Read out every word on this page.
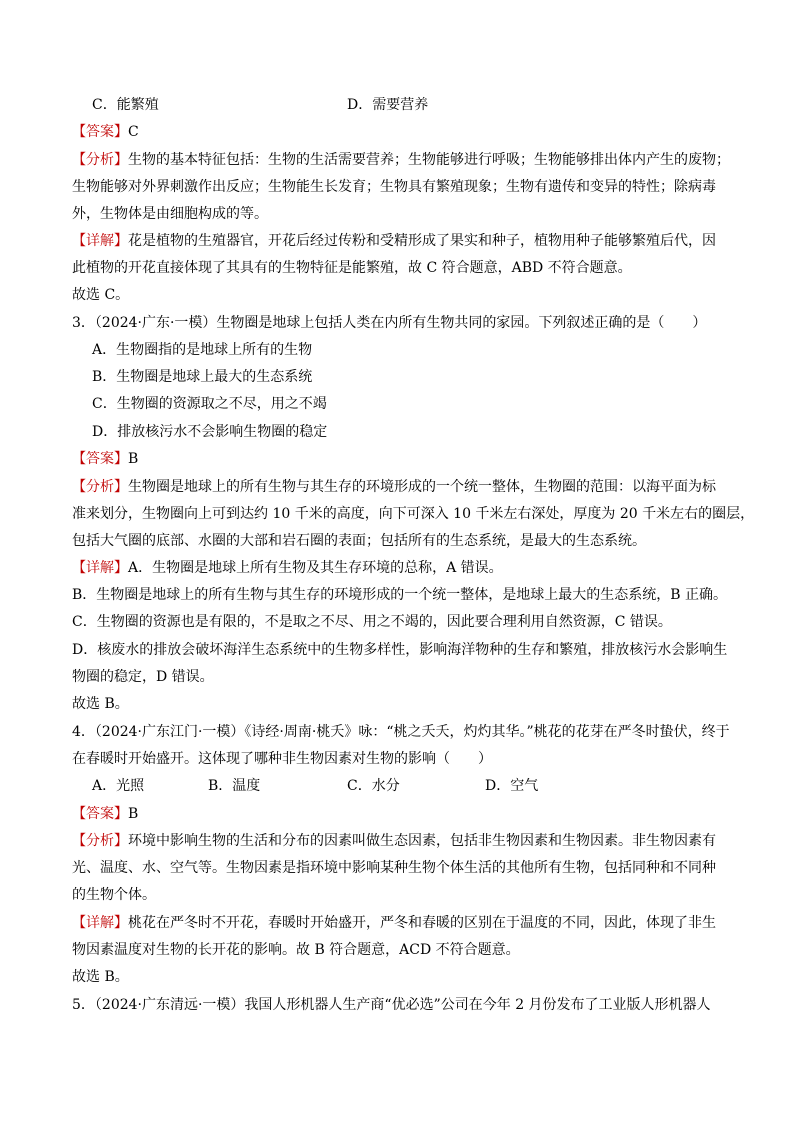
C．能繁殖	D．需要营养
【答案】C
【分析】生物的基本特征包括：生物的生活需要营养；生物能够进行呼吸；生物能够排出体内产生的废物；
生物能够对外界刺激作出反应；生物能生长发育；生物具有繁殖现象；生物有遗传和变异的特性；除病毒
外，生物体是由细胞构成的等。
【详解】花是植物的生殖器官，开花后经过传粉和受精形成了果实和种子，植物用种子能够繁殖后代，因
此植物的开花直接体现了其具有的生物特征是能繁殖，故 C 符合题意，ABD 不符合题意。
故选 C。
3．（2024·广东·一模）生物圈是地球上包括人类在内所有生物共同的家园。下列叙述正确的是（　　）
A．生物圈指的是地球上所有的生物
B．生物圈是地球上最大的生态系统
C．生物圈的资源取之不尽，用之不竭
D．排放核污水不会影响生物圈的稳定
【答案】B
【分析】生物圈是地球上的所有生物与其生存的环境形成的一个统一整体，生物圈的范围：以海平面为标
准来划分，生物圈向上可到达约 10 千米的高度，向下可深入 10 千米左右深处，厚度为 20 千米左右的圈层，
包括大气圈的底部、水圈的大部和岩石圈的表面；包括所有的生态系统，是最大的生态系统。
【详解】A．生物圈是地球上所有生物及其生存环境的总称，A 错误。
B．生物圈是地球上的所有生物与其生存的环境形成的一个统一整体，是地球上最大的生态系统，B 正确。
C．生物圈的资源也是有限的，不是取之不尽、用之不竭的，因此要合理利用自然资源，C 错误。
D．核废水的排放会破坏海洋生态系统中的生物多样性，影响海洋物种的生存和繁殖，排放核污水会影响生
物圈的稳定，D 错误。
故选 B。
4．（2024·广东江门·一模）《诗经·周南·桃夭》咏：“桃之夭夭，灼灼其华。”桃花的花芽在严冬时蛰伏，终于
在春暖时开始盛开。这体现了哪种非生物因素对生物的影响（　　）
A．光照	B．温度	C．水分	D．空气
【答案】B
【分析】环境中影响生物的生活和分布的因素叫做生态因素，包括非生物因素和生物因素。非生物因素有
光、温度、水、空气等。生物因素是指环境中影响某种生物个体生活的其他所有生物，包括同种和不同种
的生物个体。
【详解】桃花在严冬时不开花，春暖时开始盛开，严冬和春暖的区别在于温度的不同，因此，体现了非生
物因素温度对生物的长开花的影响。故 B 符合题意，ACD 不符合题意。
故选 B。
5．（2024·广东清远·一模）我国人形机器人生产商“优必选”公司在今年 2 月份发布了工业版人形机器人
